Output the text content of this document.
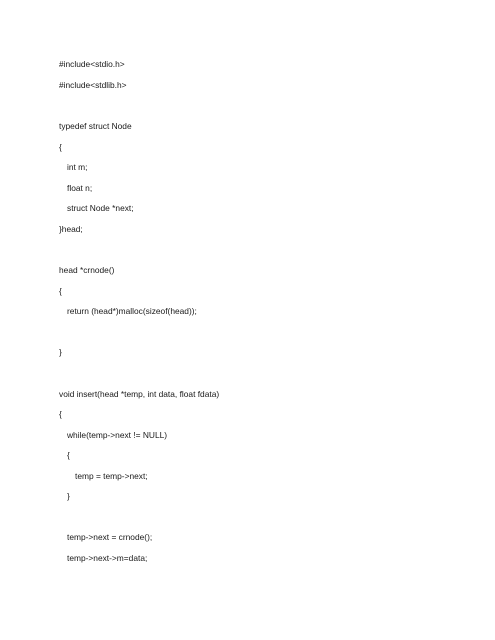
#include<stdio.h>
#include<stdlib.h>
typedef struct Node
{
int m;
float n;
struct Node *next;
}head;
head *crnode()
{
return (head*)malloc(sizeof(head));
}
void insert(head *temp, int data, float fdata)
{
while(temp->next != NULL)
{
temp = temp->next;
}
temp->next = crnode();
temp->next->m=data;
